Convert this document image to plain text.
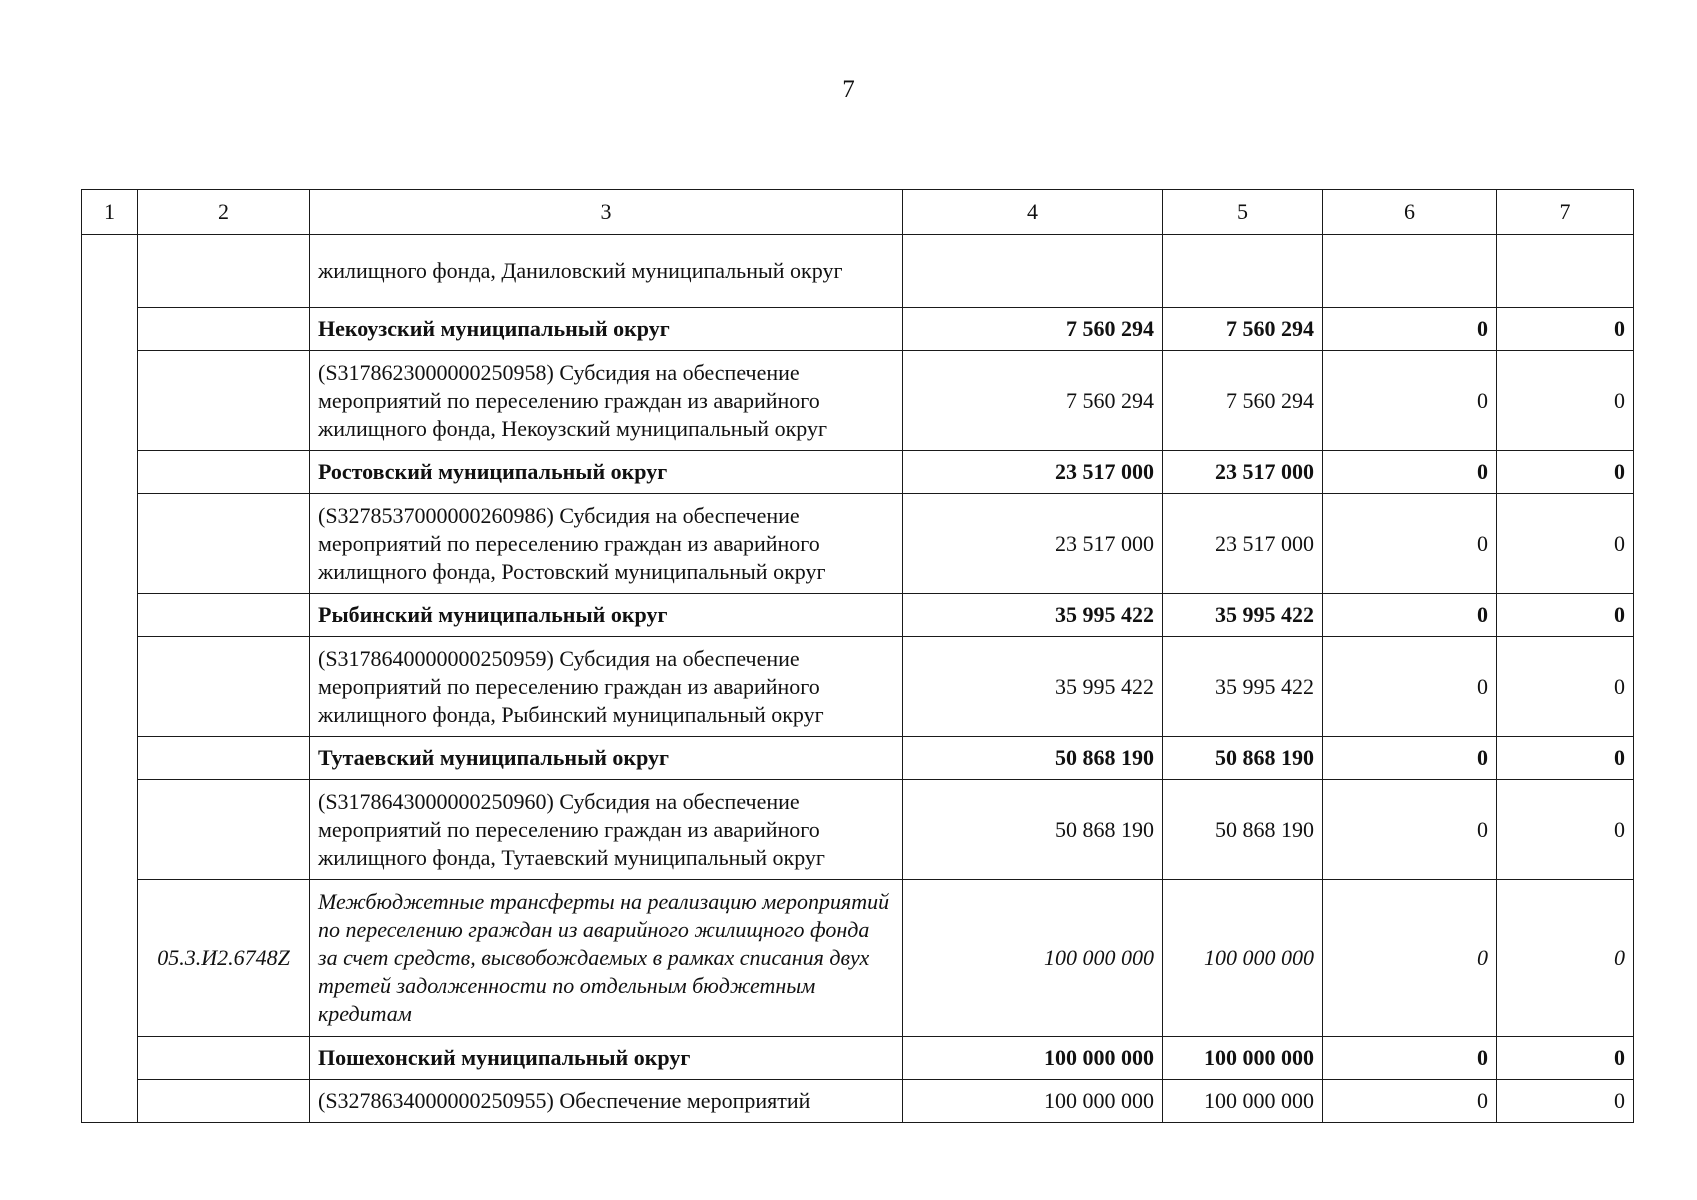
7
1	2	3	4	5	6	7
		жилищного фонда, Даниловский муниципальный округ				
		Некоузский муниципальный округ	7 560 294	7 560 294	0	0
		(S3178623000000250958) Субсидия на обеспечение мероприятий по переселению граждан из аварийного жилищного фонда, Некоузский муниципальный округ	7 560 294	7 560 294	0	0
		Ростовский муниципальный округ	23 517 000	23 517 000	0	0
		(S3278537000000260986) Субсидия на обеспечение мероприятий по переселению граждан из аварийного жилищного фонда, Ростовский муниципальный округ	23 517 000	23 517 000	0	0
		Рыбинский муниципальный округ	35 995 422	35 995 422	0	0
		(S3178640000000250959) Субсидия на обеспечение мероприятий по переселению граждан из аварийного жилищного фонда, Рыбинский муниципальный округ	35 995 422	35 995 422	0	0
		Тутаевский муниципальный округ	50 868 190	50 868 190	0	0
		(S3178643000000250960) Субсидия на обеспечение мероприятий по переселению граждан из аварийного жилищного фонда, Тутаевский муниципальный округ	50 868 190	50 868 190	0	0
	05.3.И2.6748Z	Межбюджетные трансферты на реализацию мероприятий по переселению граждан из аварийного жилищного фонда за счет средств, высвобождаемых в рамках списания двух третей задолженности по отдельным бюджетным кредитам	100 000 000	100 000 000	0	0
		Пошехонский муниципальный округ	100 000 000	100 000 000	0	0
		(S3278634000000250955) Обеспечение мероприятий	100 000 000	100 000 000	0	0
